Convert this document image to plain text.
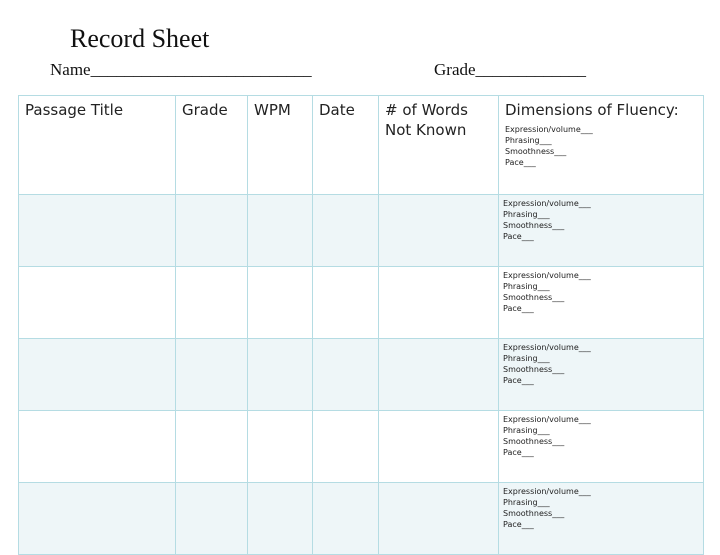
Record Sheet
Name__________________________	Grade_____________
Passage Title	Grade	WPM	Date	# of Words Not Known	Dimensions of Fluency:
Expression/volume___
Phrasing___
Smoothness___
Pace___

					Expression/volume___
Phrasing___
Smoothness___
Pace___

					Expression/volume___
Phrasing___
Smoothness___
Pace___

					Expression/volume___
Phrasing___
Smoothness___
Pace___

					Expression/volume___
Phrasing___
Smoothness___
Pace___

					Expression/volume___
Phrasing___
Smoothness___
Pace___
